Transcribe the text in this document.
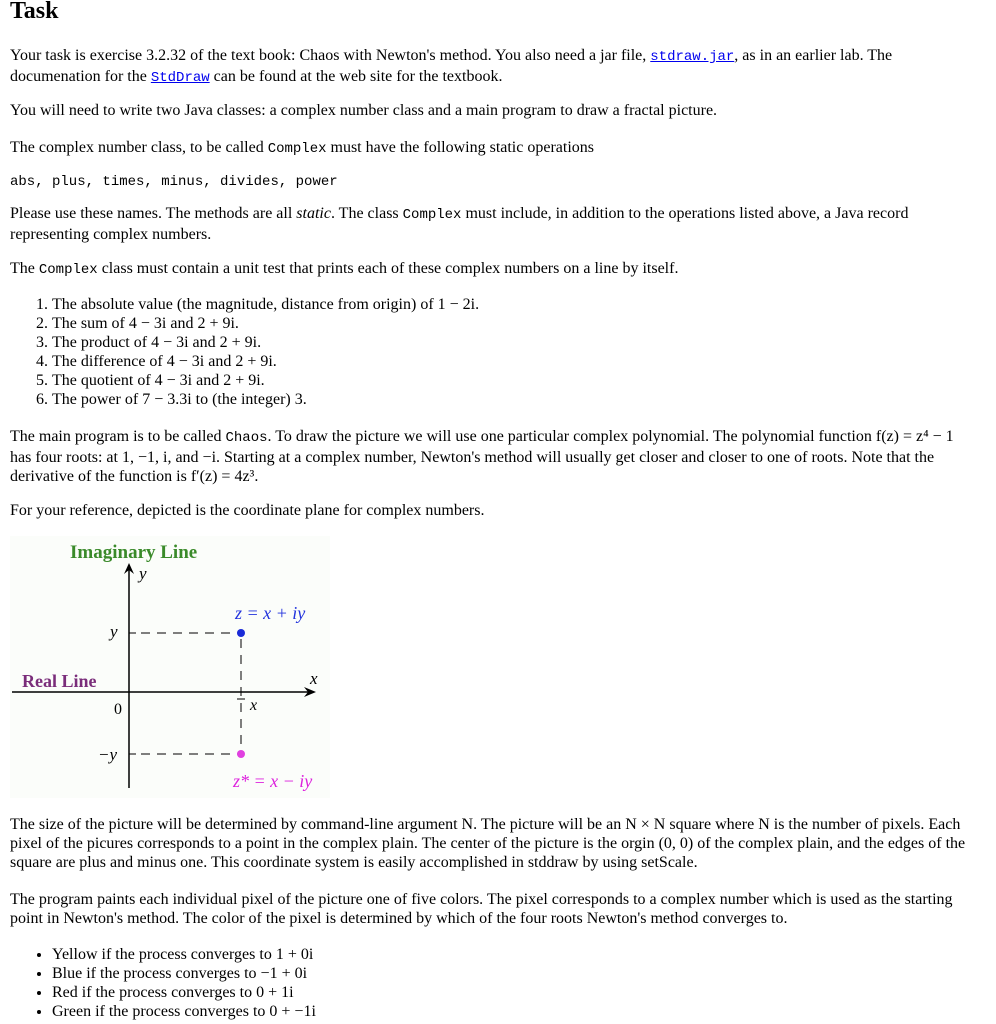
Task

Your task is exercise 3.2.32 of the text book: Chaos with Newton's method. You also need a jar file, stdraw.jar, as in an earlier lab. The documenation for the StdDraw can be found at the web site for the textbook.

You will need to write two Java classes: a complex number class and a main program to draw a fractal picture.

The complex number class, to be called Complex must have the following static operations

abs, plus, times, minus, divides, power

Please use these names. The methods are all static. The class Complex must include, in addition to the operations listed above, a Java record representing complex numbers.

The Complex class must contain a unit test that prints each of these complex numbers on a line by itself.

1. The absolute value (the magnitude, distance from origin) of 1 − 2i.
2. The sum of 4 − 3i and 2 + 9i.
3. The product of 4 − 3i and 2 + 9i.
4. The difference of 4 − 3i and 2 + 9i.
5. The quotient of 4 − 3i and 2 + 9i.
6. The power of 7 − 3.3i to (the integer) 3.

The main program is to be called Chaos. To draw the picture we will use one particular complex polynomial. The polynomial function f(z) = z⁴ − 1 has four roots: at 1, −1, i, and −i. Starting at a complex number, Newton's method will usually get closer and closer to one of roots. Note that the derivative of the function is f′(z) = 4z³.

For your reference, depicted is the coordinate plane for complex numbers.

Imaginary Line
Real Line
y
x
0
y
−y
x
z = x + iy
z* = x − iy

The size of the picture will be determined by command-line argument N. The picture will be an N × N square where N is the number of pixels. Each pixel of the picures corresponds to a point in the complex plain. The center of the picture is the orgin (0, 0) of the complex plain, and the edges of the square are plus and minus one. This coordinate system is easily accomplished in stddraw by using setScale.

The program paints each individual pixel of the picture one of five colors. The pixel corresponds to a complex number which is used as the starting point in Newton's method. The color of the pixel is determined by which of the four roots Newton's method converges to.

• Yellow if the process converges to 1 + 0i
• Blue if the process converges to −1 + 0i
• Red if the process converges to 0 + 1i
• Green if the process converges to 0 + −1i
